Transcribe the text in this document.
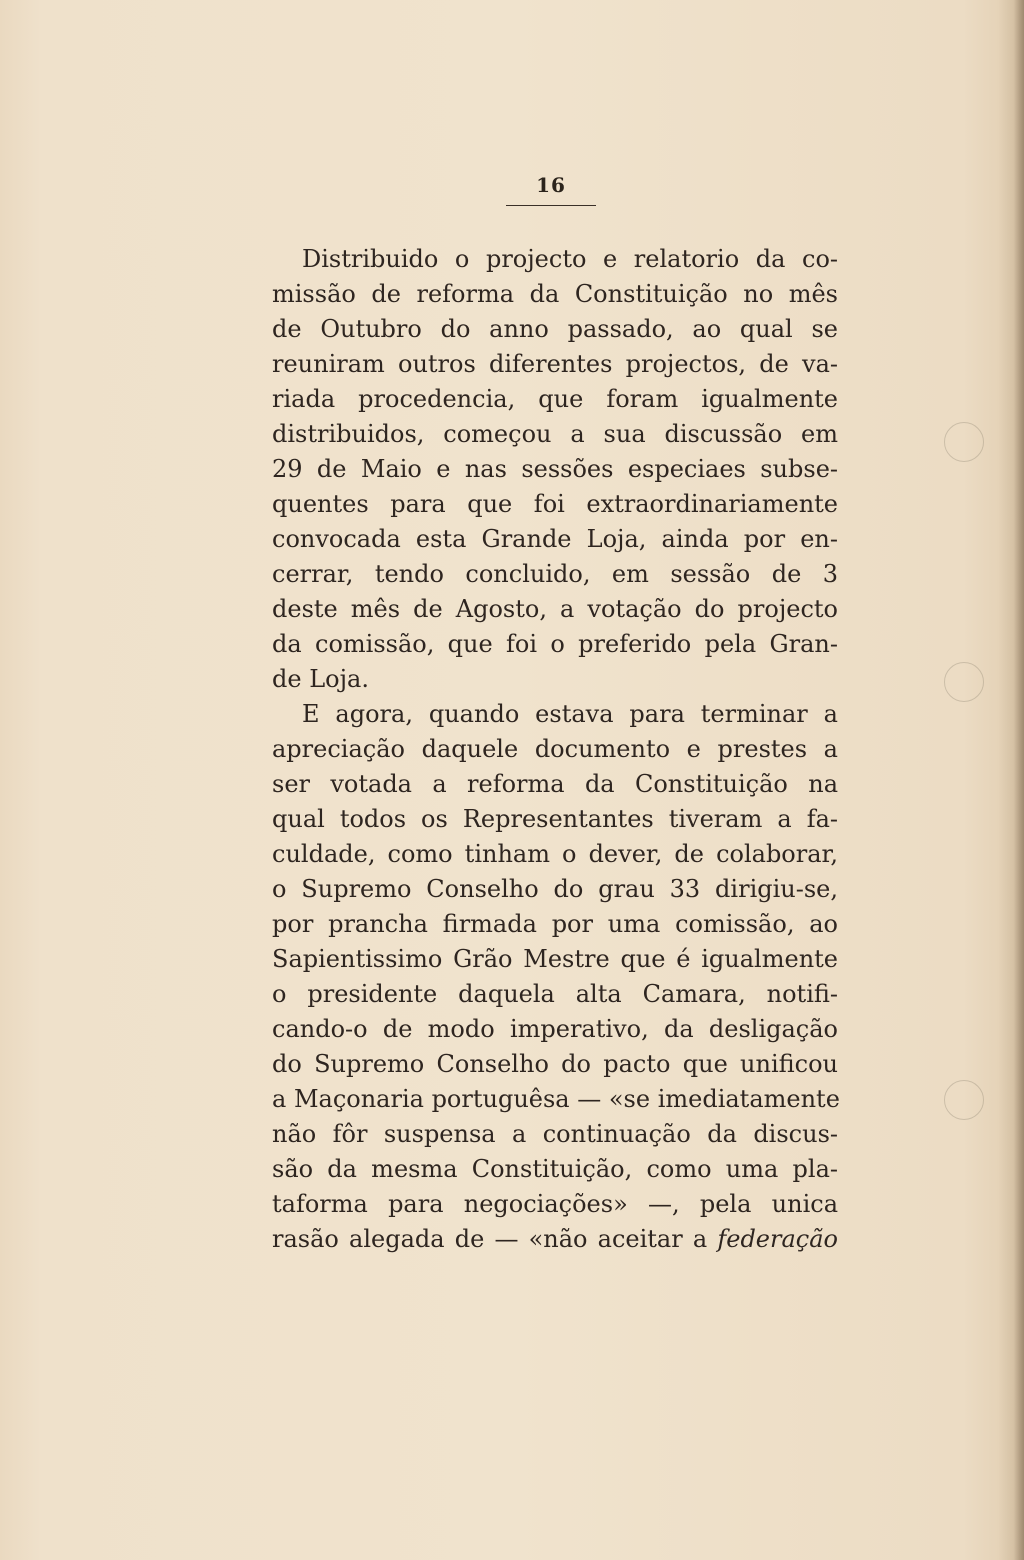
16
Distribuido o projecto e relatorio da co-
missão de reforma da Constituição no mês
de Outubro do anno passado, ao qual se
reuniram outros diferentes projectos, de va-
riada procedencia, que foram igualmente
distribuidos, começou a sua discussão em
29 de Maio e nas sessões especiaes subse-
quentes para que foi extraordinariamente
convocada esta Grande Loja, ainda por en-
cerrar, tendo concluido, em sessão de 3
deste mês de Agosto, a votação do projecto
da comissão, que foi o preferido pela Gran-
de Loja.
E agora, quando estava para terminar a
apreciação daquele documento e prestes a
ser votada a reforma da Constituição na
qual todos os Representantes tiveram a fa-
culdade, como tinham o dever, de colaborar,
o Supremo Conselho do grau 33 dirigiu-se,
por prancha firmada por uma comissão, ao
Sapientissimo Grão Mestre que é igualmente
o presidente daquela alta Camara, notifi-
cando-o de modo imperativo, da desligação
do Supremo Conselho do pacto que unificou
a Maçonaria portuguêsa — «se imediatamente
não fôr suspensa a continuação da discus-
são da mesma Constituição, como uma pla-
taforma para negociações» —, pela unica
rasão alegada de — «não aceitar a federação
